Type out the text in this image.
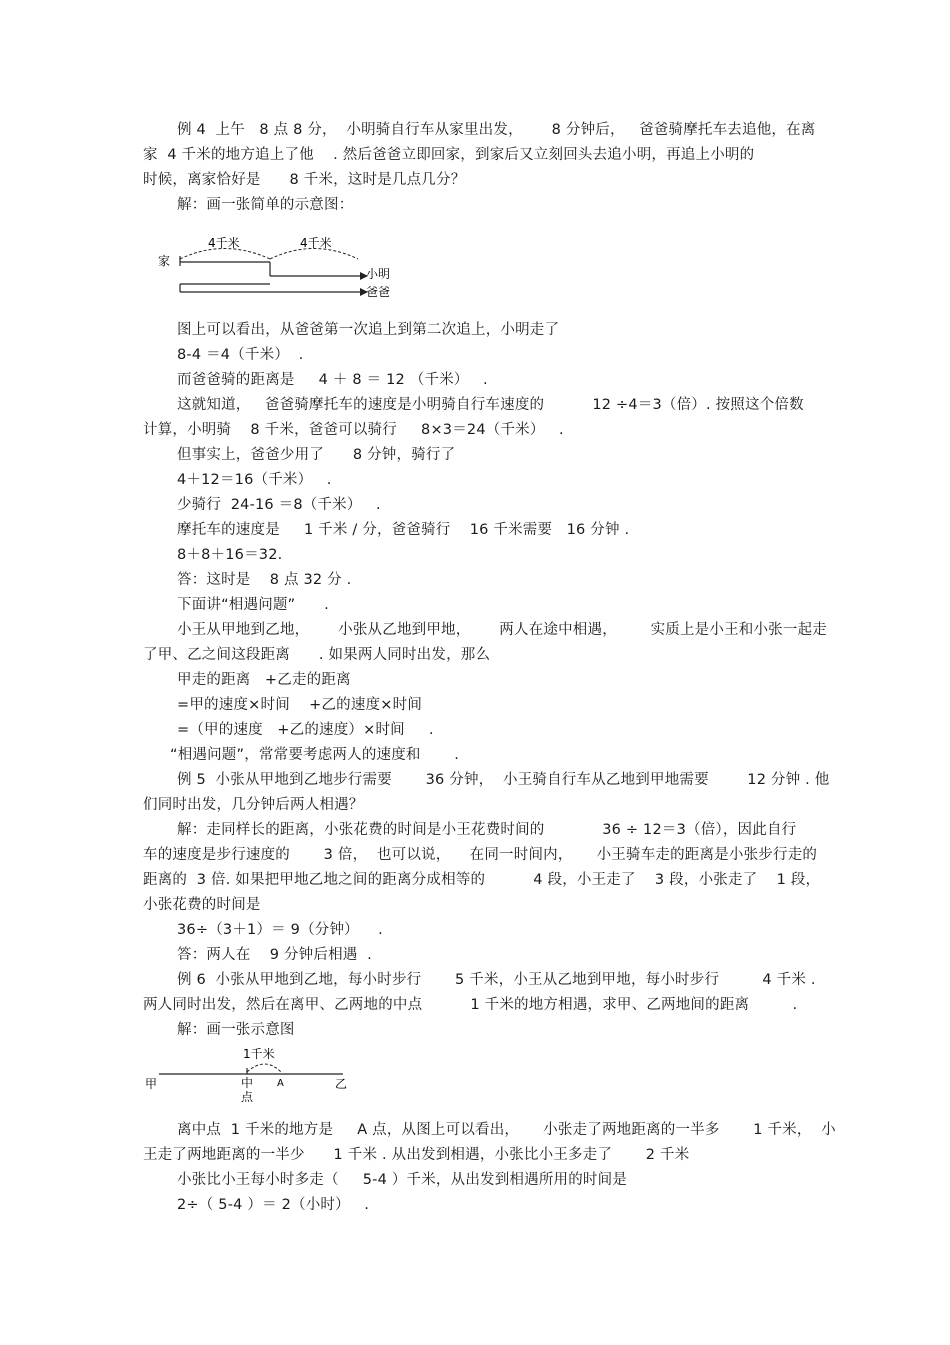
例 4  上午   8 点 8 分，  小明骑自行车从家里出发，      8 分钟后，   爸爸骑摩托车去追他，在离
家  4 千米的地方追上了他    . 然后爸爸立即回家，到家后又立刻回头去追小明，再追上小明的
时候，离家恰好是      8 千米，这时是几点几分？
解：画一张简单的示意图：
4千米	4千米
家
小明
爸爸
图上可以看出，从爸爸第一次追上到第二次追上，小明走了
8-4 ＝4（千米）  .
而爸爸骑的距离是     4 ＋ 8 ＝ 12 （千米）   .
这就知道，   爸爸骑摩托车的速度是小明骑自行车速度的          12 ÷4＝3（倍）. 按照这个倍数
计算，小明骑    8 千米，爸爸可以骑行     8×3＝24（千米）   .
但事实上，爸爸少用了      8 分钟，骑行了
4＋12＝16（千米）   .
少骑行  24-16 ＝8（千米）   .
摩托车的速度是     1 千米 / 分，爸爸骑行    16 千米需要   16 分钟 .
8＋8＋16＝32.
答：这时是    8 点 32 分 .
下面讲“相遇问题”      .
小王从甲地到乙地，      小张从乙地到甲地，      两人在途中相遇，       实质上是小王和小张一起走
了甲、乙之间这段距离      . 如果两人同时出发，那么
甲走的距离   +乙走的距离
=甲的速度×时间    +乙的速度×时间
=（甲的速度   +乙的速度）×时间     .
“相遇问题”，常常要考虑两人的速度和       .
例 5  小张从甲地到乙地步行需要       36 分钟，  小王骑自行车从乙地到甲地需要        12 分钟 . 他
们同时出发，几分钟后两人相遇？
解：走同样长的距离，小张花费的时间是小王花费时间的            36 ÷ 12＝3（倍），因此自行
车的速度是步行速度的       3 倍，  也可以说，    在同一时间内，     小王骑车走的距离是小张步行走的
距离的  3 倍. 如果把甲地乙地之间的距离分成相等的          4 段，小王走了    3 段，小张走了    1 段，
小张花费的时间是
36÷（3＋1）＝ 9（分钟）    .
答：两人在    9 分钟后相遇  .
例 6  小张从甲地到乙地，每小时步行       5 千米，小王从乙地到甲地，每小时步行         4 千米 .
两人同时出发，然后在离甲、乙两地的中点          1 千米的地方相遇，求甲、乙两地间的距离         .
解：画一张示意图
1千米
甲	中
点
A	乙
离中点  1 千米的地方是     A 点，从图上可以看出，     小张走了两地距离的一半多       1 千米，  小
王走了两地距离的一半少      1 千米 . 从出发到相遇，小张比小王多走了       2 千米
小张比小王每小时多走（     5-4 ）千米，从出发到相遇所用的时间是
2÷（ 5-4 ）＝ 2（小时）   .
